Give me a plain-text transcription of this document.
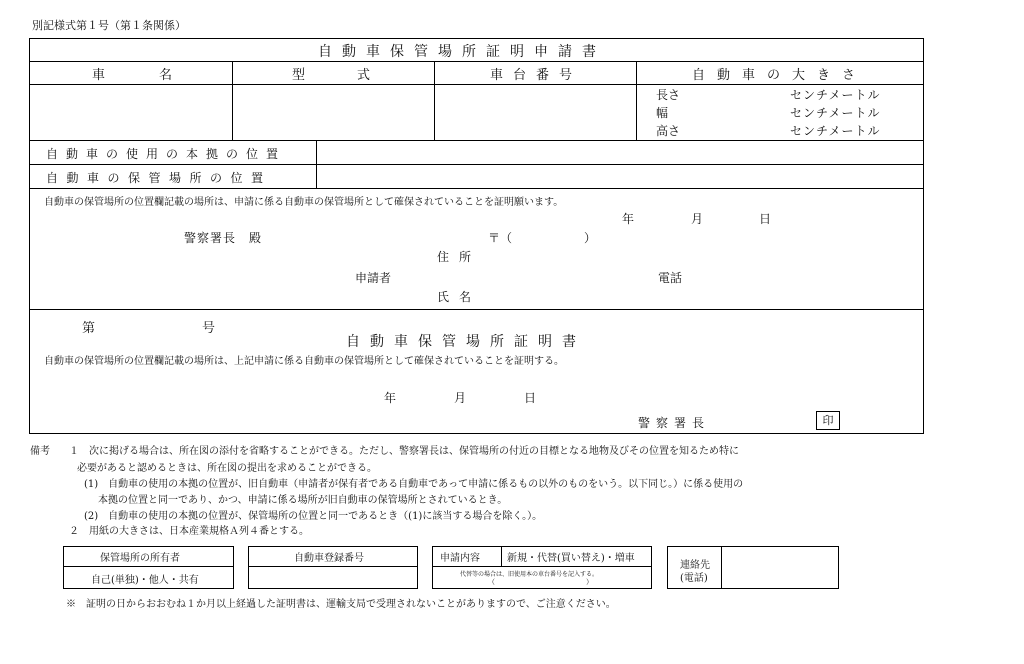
別記様式第１号（第１条関係）
自動車保管場所証明申請書
車名	型式	車台番号	自動車の大きさ
長さ	センチメートル
幅	センチメートル
高さ	センチメートル
自動車の使用の本拠の位置
自動車の保管場所の位置
自動車の保管場所の位置欄記載の場所は、申請に係る自動車の保管場所として確保されていることを証明願います。
年	月	日
警察署長　殿	〒（　　　　　　）
住所
申請者	電話
氏名
第	号
自動車保管場所証明書
自動車の保管場所の位置欄記載の場所は、上記申請に係る自動車の保管場所として確保されていることを証明する。
年	月	日
警察署長	印
備考 １ 次に掲げる場合は、所在図の添付を省略することができる。ただし、警察署長は、保管場所の付近の目標となる地物及びその位置を知るため特に
必要があると認めるときは、所在図の提出を求めることができる。
(1)　自動車の使用の本拠の位置が、旧自動車（申請者が保有者である自動車であって申請に係るもの以外のものをいう。以下同じ。）に係る使用の
本拠の位置と同一であり、かつ、申請に係る場所が旧自動車の保管場所とされているとき。
(2)　自動車の使用の本拠の位置が、保管場所の位置と同一であるとき（(1)に該当する場合を除く。）。
２ 用紙の大きさは、日本産業規格Ａ列４番とする。
保管場所の所有者
自己(単独)・他人・共有
自動車登録番号	申請内容	新規・代替(買い替え)・増車
代替等の場合は、旧使用本の車台番号を記入する。
（　　　　　　　　　　　　　）
連絡先
(電話)
※　証明の日からおおむね１か月以上経過した証明書は、運輸支局で受理されないことがありますので、ご注意ください。
